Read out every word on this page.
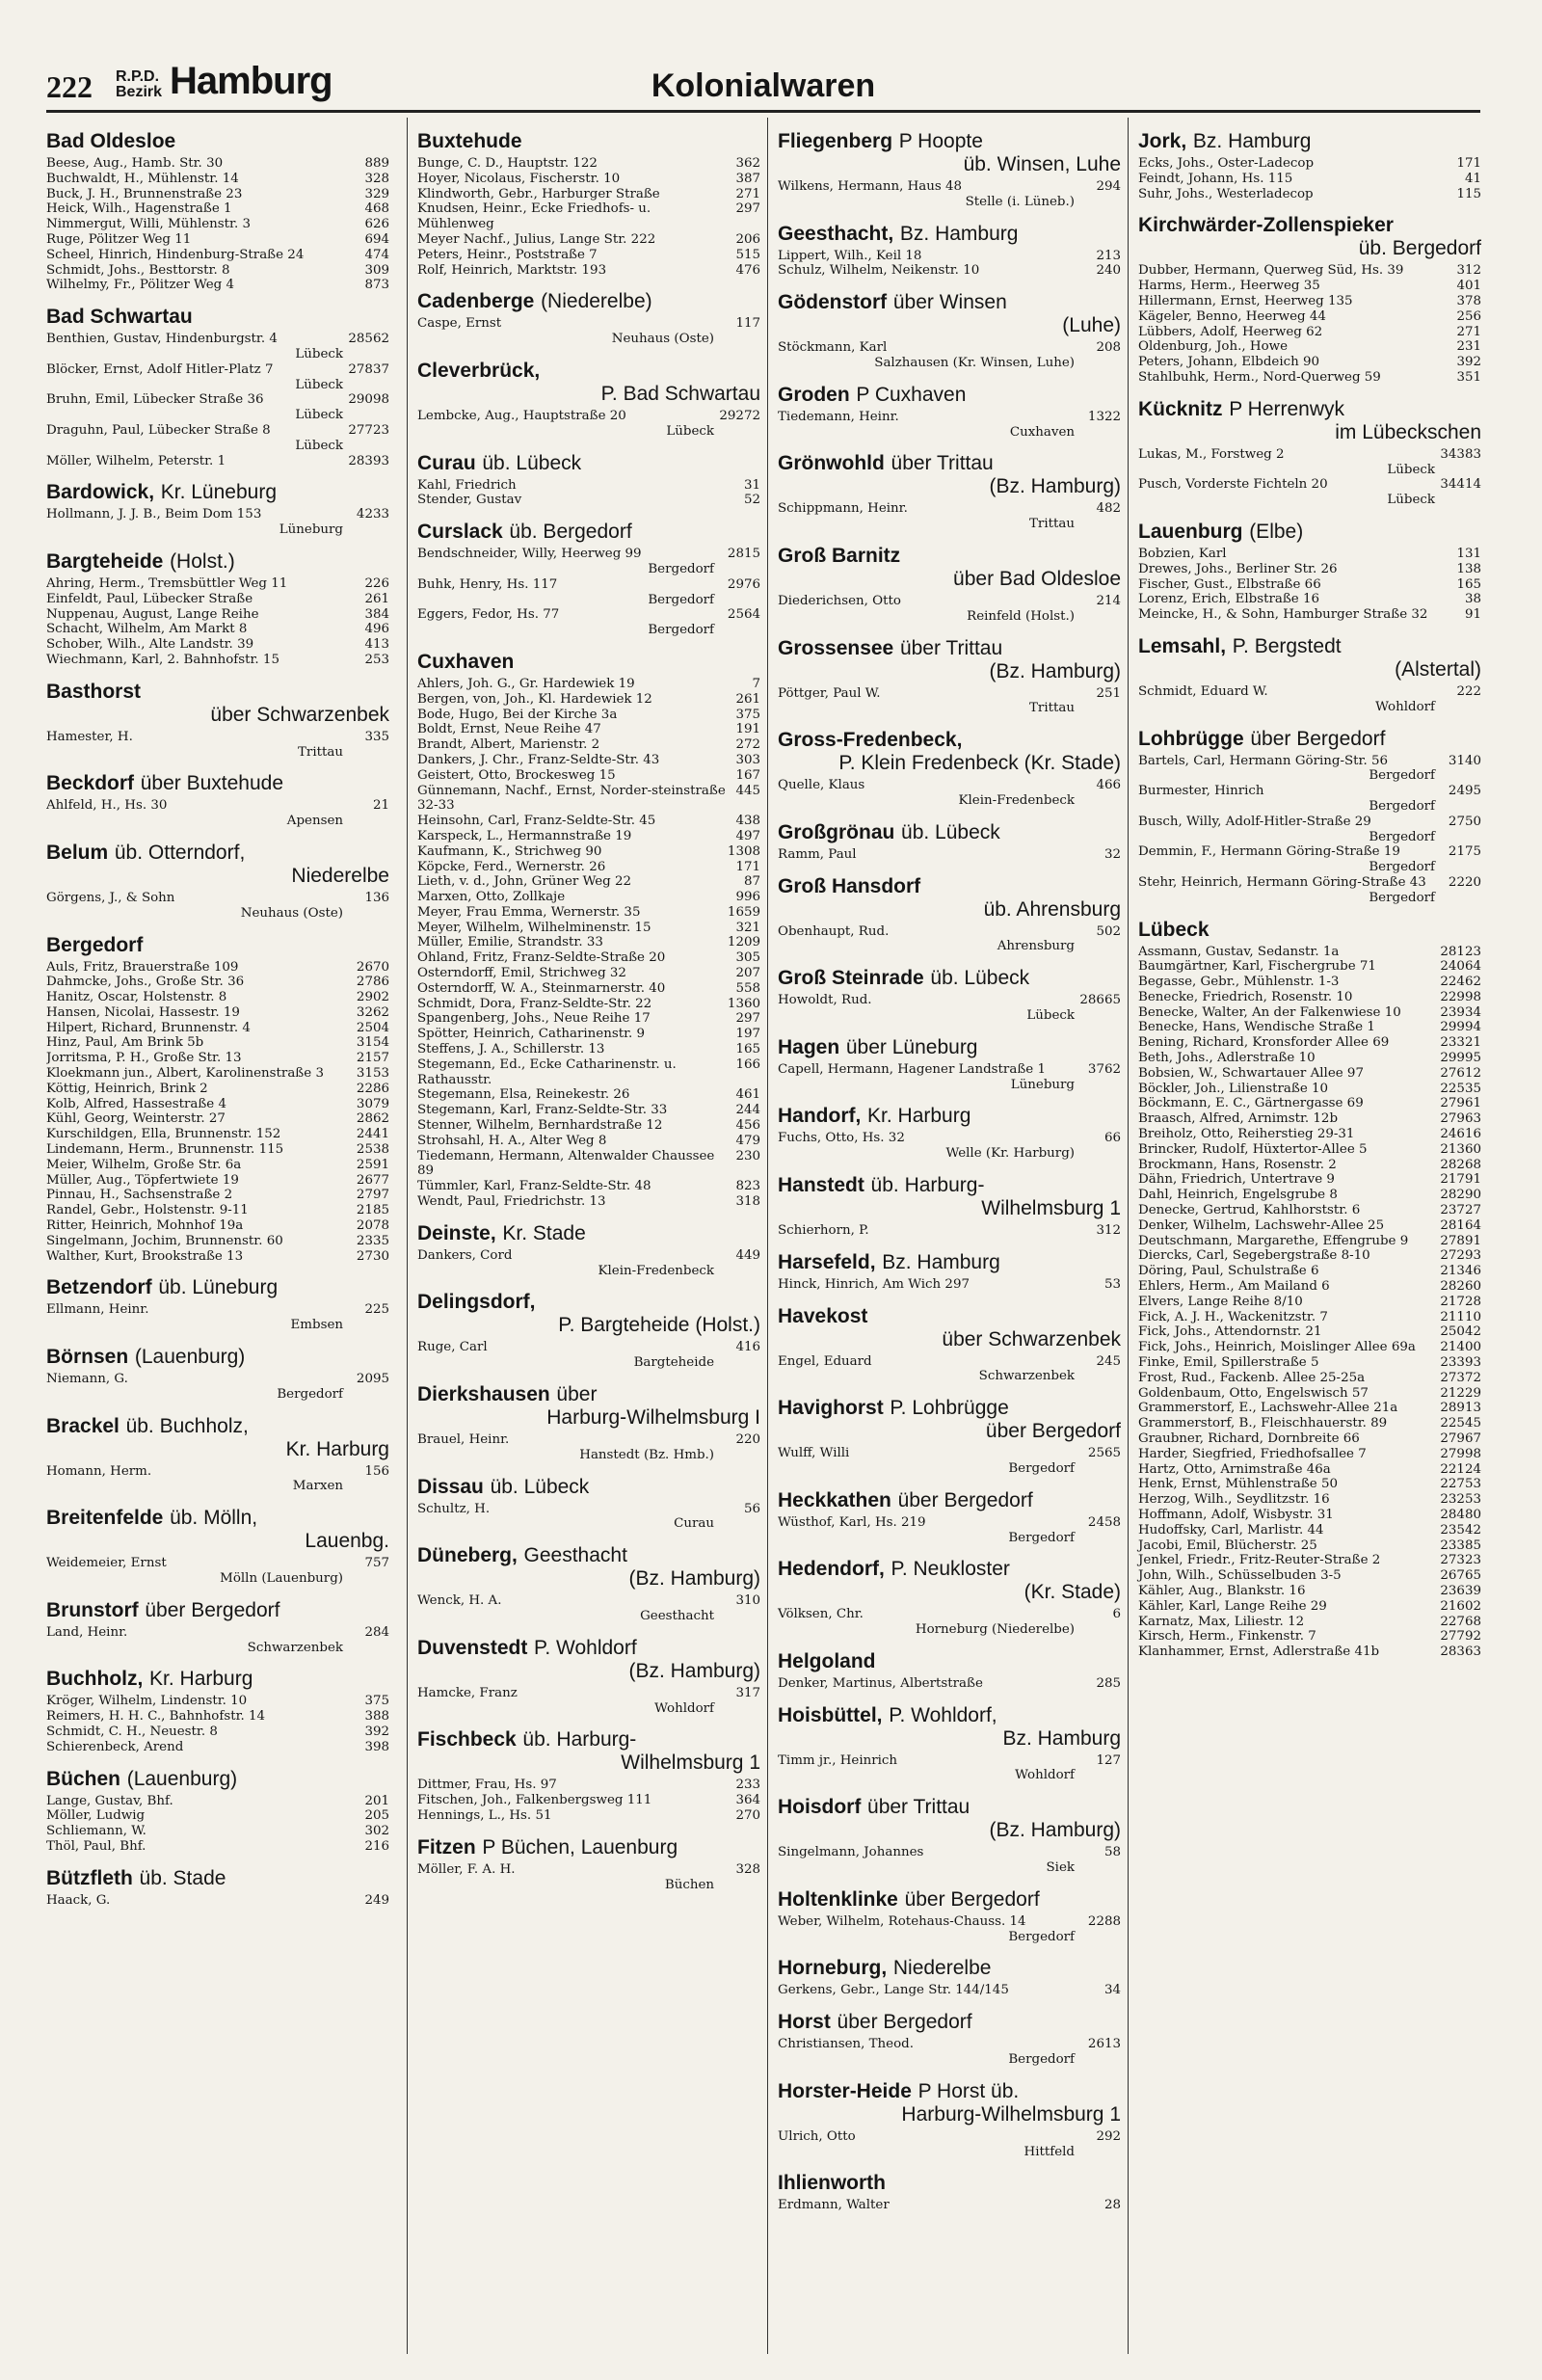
222 R.P.D.
Bezirk Hamburg	Kolonialwaren
Bad Oldesloe
889
Beese, Aug., Hamb. Str. 30
328
Buchwaldt, H., Mühlenstr. 14
329
Buck, J. H., Brunnenstraße 23
468
Heick, Wilh., Hagenstraße 1
626
Nimmergut, Willi, Mühlenstr. 3
694
Ruge, Pölitzer Weg 11
474
Scheel, Hinrich, Hindenburg-Straße 24
309
Schmidt, Johs., Besttorstr. 8
873
Wilhelmy, Fr., Pölitzer Weg 4
Bad Schwartau
28562
Benthien, Gustav, Hindenburgstr. 4
Lübeck
27837
Blöcker, Ernst, Adolf Hitler-Platz 7
Lübeck
29098
Bruhn, Emil, Lübecker Straße 36
Lübeck
27723
Draguhn, Paul, Lübecker Straße 8
Lübeck
28393
Möller, Wilhelm, Peterstr. 1
Bardowick, Kr. Lüneburg
4233
Hollmann, J. J. B., Beim Dom 153
Lüneburg
Bargteheide (Holst.)
226
Ahring, Herm., Tremsbüttler Weg 11
261
Einfeldt, Paul, Lübecker Straße
384
Nuppenau, August, Lange Reihe
496
Schacht, Wilhelm, Am Markt 8
413
Schober, Wilh., Alte Landstr. 39
253
Wiechmann, Karl, 2. Bahnhofstr. 15
Basthorst
über Schwarzenbek
335
Hamester, H.
Trittau
Beckdorf über Buxtehude
21
Ahlfeld, H., Hs. 30
Apensen
Belum üb. Otterndorf,
Niederelbe
136
Görgens, J., & Sohn
Neuhaus (Oste)
Bergedorf
2670
Auls, Fritz, Brauerstraße 109
2786
Dahmcke, Johs., Große Str. 36
2902
Hanitz, Oscar, Holstenstr. 8
3262
Hansen, Nicolai, Hassestr. 19
2504
Hilpert, Richard, Brunnenstr. 4
3154
Hinz, Paul, Am Brink 5b
2157
Jorritsma, P. H., Große Str. 13
3153
Kloekmann jun., Albert, Karolinenstraße 3
2286
Köttig, Heinrich, Brink 2
3079
Kolb, Alfred, Hassestraße 4
2862
Kühl, Georg, Weinterstr. 27
2441
Kurschildgen, Ella, Brunnenstr. 152
2538
Lindemann, Herm., Brunnenstr. 115
2591
Meier, Wilhelm, Große Str. 6a
2677
Müller, Aug., Töpfertwiete 19
2797
Pinnau, H., Sachsenstraße 2
2185
Randel, Gebr., Holstenstr. 9-11
2078
Ritter, Heinrich, Mohnhof 19a
2335
Singelmann, Jochim, Brunnenstr. 60
2730
Walther, Kurt, Brookstraße 13
Betzendorf üb. Lüneburg
225
Ellmann, Heinr.
Embsen
Börnsen (Lauenburg)
2095
Niemann, G.
Bergedorf
Brackel üb. Buchholz,
Kr. Harburg
156
Homann, Herm.
Marxen
Breitenfelde üb. Mölln,
Lauenbg.
757
Weidemeier, Ernst
Mölln (Lauenburg)
Brunstorf über Bergedorf
284
Land, Heinr.
Schwarzenbek
Buchholz, Kr. Harburg
375
Kröger, Wilhelm, Lindenstr. 10
388
Reimers, H. H. C., Bahnhofstr. 14
392
Schmidt, C. H., Neuestr. 8
398
Schierenbeck, Arend
Büchen (Lauenburg)
201
Lange, Gustav, Bhf.
205
Möller, Ludwig
302
Schliemann, W.
216
Thöl, Paul, Bhf.
Bützfleth üb. Stade
249
Haack, G.
Buxtehude
362
Bunge, C. D., Hauptstr. 122
387
Hoyer, Nicolaus, Fischerstr. 10
271
Klindworth, Gebr., Harburger Straße
297
Knudsen, Heinr., Ecke Friedhofs- u. Mühlenweg
206
Meyer Nachf., Julius, Lange Str. 222
515
Peters, Heinr., Poststraße 7
476
Rolf, Heinrich, Marktstr. 193
Cadenberge (Niederelbe)
117
Caspe, Ernst
Neuhaus (Oste)
Cleverbrück,
P. Bad Schwartau
29272
Lembcke, Aug., Hauptstraße 20
Lübeck
Curau üb. Lübeck
31
Kahl, Friedrich
52
Stender, Gustav
Curslack üb. Bergedorf
2815
Bendschneider, Willy, Heerweg 99
Bergedorf
2976
Buhk, Henry, Hs. 117
Bergedorf
2564
Eggers, Fedor, Hs. 77
Bergedorf
Cuxhaven
7
Ahlers, Joh. G., Gr. Hardewiek 19
261
Bergen, von, Joh., Kl. Hardewiek 12
375
Bode, Hugo, Bei der Kirche 3a
191
Boldt, Ernst, Neue Reihe 47
272
Brandt, Albert, Marienstr. 2
303
Dankers, J. Chr., Franz-Seldte-Str. 43
167
Geistert, Otto, Brockesweg 15
445
Günnemann, Nachf., Ernst, Norder-steinstraße 32-33
438
Heinsohn, Carl, Franz-Seldte-Str. 45
497
Karspeck, L., Hermannstraße 19
1308
Kaufmann, K., Strichweg 90
171
Köpcke, Ferd., Wernerstr. 26
87
Lieth, v. d., John, Grüner Weg 22
996
Marxen, Otto, Zollkaje
1659
Meyer, Frau Emma, Wernerstr. 35
321
Meyer, Wilhelm, Wilhelminenstr. 15
1209
Müller, Emilie, Strandstr. 33
305
Ohland, Fritz, Franz-Seldte-Straße 20
207
Osterndorff, Emil, Strichweg 32
558
Osterndorff, W. A., Steinmarnerstr. 40
1360
Schmidt, Dora, Franz-Seldte-Str. 22
297
Spangenberg, Johs., Neue Reihe 17
197
Spötter, Heinrich, Catharinenstr. 9
165
Steffens, J. A., Schillerstr. 13
166
Stegemann, Ed., Ecke Catharinenstr. u. Rathausstr.
461
Stegemann, Elsa, Reinekestr. 26
244
Stegemann, Karl, Franz-Seldte-Str. 33
456
Stenner, Wilhelm, Bernhardstraße 12
479
Strohsahl, H. A., Alter Weg 8
230
Tiedemann, Hermann, Altenwalder Chaussee 89
823
Tümmler, Karl, Franz-Seldte-Str. 48
318
Wendt, Paul, Friedrichstr. 13
Deinste, Kr. Stade
449
Dankers, Cord
Klein-Fredenbeck
Delingsdorf,
P. Bargteheide (Holst.)
416
Ruge, Carl
Bargteheide
Dierkshausen über
Harburg-Wilhelmsburg I
220
Brauel, Heinr.
Hanstedt (Bz. Hmb.)
Dissau üb. Lübeck
56
Schultz, H.
Curau
Düneberg, Geesthacht
(Bz. Hamburg)
310
Wenck, H. A.
Geesthacht
Duvenstedt P. Wohldorf
(Bz. Hamburg)
317
Hamcke, Franz
Wohldorf
Fischbeck üb. Harburg-
Wilhelmsburg 1
233
Dittmer, Frau, Hs. 97
364
Fitschen, Joh., Falkenbergsweg 111
270
Hennings, L., Hs. 51
Fitzen P Büchen, Lauenburg
328
Möller, F. A. H.
Büchen
Fliegenberg P Hoopte
üb. Winsen, Luhe
294
Wilkens, Hermann, Haus 48
Stelle (i. Lüneb.)
Geesthacht, Bz. Hamburg
213
Lippert, Wilh., Keil 18
240
Schulz, Wilhelm, Neikenstr. 10
Gödenstorf über Winsen
(Luhe)
208
Stöckmann, Karl
Salzhausen (Kr. Winsen, Luhe)
Groden P Cuxhaven
1322
Tiedemann, Heinr.
Cuxhaven
Grönwohld über Trittau
(Bz. Hamburg)
482
Schippmann, Heinr.
Trittau
Groß Barnitz
über Bad Oldesloe
214
Diederichsen, Otto
Reinfeld (Holst.)
Grossensee über Trittau
(Bz. Hamburg)
251
Pöttger, Paul W.
Trittau
Gross-Fredenbeck,
P. Klein Fredenbeck (Kr. Stade)
466
Quelle, Klaus
Klein-Fredenbeck
Großgrönau üb. Lübeck
32
Ramm, Paul
Groß Hansdorf
üb. Ahrensburg
502
Obenhaupt, Rud.
Ahrensburg
Groß Steinrade üb. Lübeck
28665
Howoldt, Rud.
Lübeck
Hagen über Lüneburg
3762
Capell, Hermann, Hagener Landstraße 1
Lüneburg
Handorf, Kr. Harburg
66
Fuchs, Otto, Hs. 32
Welle (Kr. Harburg)
Hanstedt üb. Harburg-
Wilhelmsburg 1
312
Schierhorn, P.
Harsefeld, Bz. Hamburg
53
Hinck, Hinrich, Am Wich 297
Havekost
über Schwarzenbek
245
Engel, Eduard
Schwarzenbek
Havighorst P. Lohbrügge
über Bergedorf
2565
Wulff, Willi
Bergedorf
Heckkathen über Bergedorf
2458
Wüsthof, Karl, Hs. 219
Bergedorf
Hedendorf, P. Neukloster
(Kr. Stade)
6
Völksen, Chr.
Horneburg (Niederelbe)
Helgoland
285
Denker, Martinus, Albertstraße
Hoisbüttel, P. Wohldorf,
Bz. Hamburg
127
Timm jr., Heinrich
Wohldorf
Hoisdorf über Trittau
(Bz. Hamburg)
58
Singelmann, Johannes
Siek
Holtenklinke über Bergedorf
2288
Weber, Wilhelm, Rotehaus-Chauss. 14
Bergedorf
Horneburg, Niederelbe
34
Gerkens, Gebr., Lange Str. 144/145
Horst über Bergedorf
2613
Christiansen, Theod.
Bergedorf
Horster-Heide P Horst üb.
Harburg-Wilhelmsburg 1
292
Ulrich, Otto
Hittfeld
Ihlienworth
28
Erdmann, Walter
Jork, Bz. Hamburg
171
Ecks, Johs., Oster-Ladecop
41
Feindt, Johann, Hs. 115
115
Suhr, Johs., Westerladecop
Kirchwärder-Zollenspieker
üb. Bergedorf
312
Dubber, Hermann, Querweg Süd, Hs. 39
401
Harms, Herm., Heerweg 35
378
Hillermann, Ernst, Heerweg 135
256
Kägeler, Benno, Heerweg 44
271
Lübbers, Adolf, Heerweg 62
231
Oldenburg, Joh., Howe
392
Peters, Johann, Elbdeich 90
351
Stahlbuhk, Herm., Nord-Querweg 59
Kücknitz P Herrenwyk
im Lübeckschen
34383
Lukas, M., Forstweg 2
Lübeck
34414
Pusch, Vorderste Fichteln 20
Lübeck
Lauenburg (Elbe)
131
Bobzien, Karl
138
Drewes, Johs., Berliner Str. 26
165
Fischer, Gust., Elbstraße 66
38
Lorenz, Erich, Elbstraße 16
91
Meincke, H., & Sohn, Hamburger Straße 32
Lemsahl, P. Bergstedt
(Alstertal)
222
Schmidt, Eduard W.
Wohldorf
Lohbrügge über Bergedorf
3140
Bartels, Carl, Hermann Göring-Str. 56
Bergedorf
2495
Burmester, Hinrich
Bergedorf
2750
Busch, Willy, Adolf-Hitler-Straße 29
Bergedorf
2175
Demmin, F., Hermann Göring-Straße 19
Bergedorf
2220
Stehr, Heinrich, Hermann Göring-Straße 43
Bergedorf
Lübeck
28123
Assmann, Gustav, Sedanstr. 1a
24064
Baumgärtner, Karl, Fischergrube 71
22462
Begasse, Gebr., Mühlenstr. 1-3
22998
Benecke, Friedrich, Rosenstr. 10
23934
Benecke, Walter, An der Falkenwiese 10
29994
Benecke, Hans, Wendische Straße 1
23321
Bening, Richard, Kronsforder Allee 69
29995
Beth, Johs., Adlerstraße 10
27612
Bobsien, W., Schwartauer Allee 97
22535
Böckler, Joh., Lilienstraße 10
27961
Böckmann, E. C., Gärtnergasse 69
27963
Braasch, Alfred, Arnimstr. 12b
24616
Breiholz, Otto, Reiherstieg 29-31
21360
Brincker, Rudolf, Hüxtertor-Allee 5
28268
Brockmann, Hans, Rosenstr. 2
21791
Dähn, Friedrich, Untertrave 9
28290
Dahl, Heinrich, Engelsgrube 8
23727
Denecke, Gertrud, Kahlhorststr. 6
28164
Denker, Wilhelm, Lachswehr-Allee 25
27891
Deutschmann, Margarethe, Effengrube 9
27293
Diercks, Carl, Segebergstraße 8-10
21346
Döring, Paul, Schulstraße 6
28260
Ehlers, Herm., Am Mailand 6
21728
Elvers, Lange Reihe 8/10
21110
Fick, A. J. H., Wackenitzstr. 7
25042
Fick, Johs., Attendornstr. 21
21400
Fick, Johs., Heinrich, Moislinger Allee 69a
23393
Finke, Emil, Spillerstraße 5
27372
Frost, Rud., Fackenb. Allee 25-25a
21229
Goldenbaum, Otto, Engelswisch 57
28913
Grammerstorf, E., Lachswehr-Allee 21a
22545
Grammerstorf, B., Fleischhauerstr. 89
27967
Graubner, Richard, Dornbreite 66
27998
Harder, Siegfried, Friedhofsallee 7
22124
Hartz, Otto, Arnimstraße 46a
22753
Henk, Ernst, Mühlenstraße 50
23253
Herzog, Wilh., Seydlitzstr. 16
28480
Hoffmann, Adolf, Wisbystr. 31
23542
Hudoffsky, Carl, Marlistr. 44
23385
Jacobi, Emil, Blücherstr. 25
27323
Jenkel, Friedr., Fritz-Reuter-Straße 2
26765
John, Wilh., Schüsselbuden 3-5
23639
Kähler, Aug., Blankstr. 16
21602
Kähler, Karl, Lange Reihe 29
22768
Karnatz, Max, Liliestr. 12
27792
Kirsch, Herm., Finkenstr. 7
28363
Klanhammer, Ernst, Adlerstraße 41b
